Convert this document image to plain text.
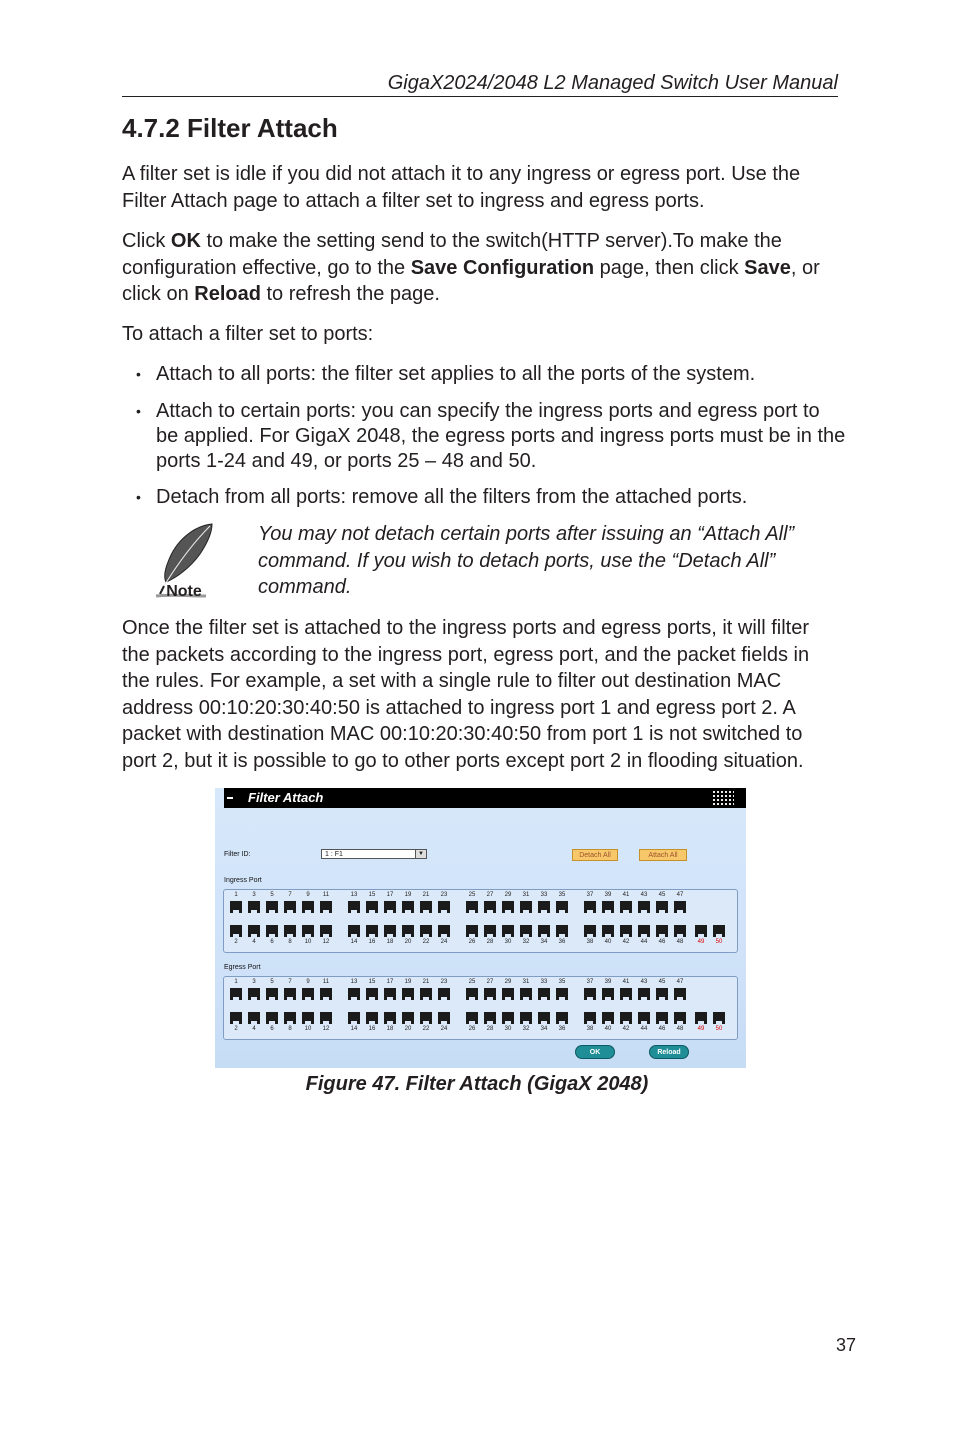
GigaX2024/2048 L2 Managed Switch User Manual
4.7.2 Filter Attach

A filter set is idle if you did not attach it to any ingress or egress port. Use the Filter Attach page to attach a filter set to ingress and egress ports.

Click OK to make the setting send to the switch(HTTP server).To make the configuration effective, go to the Save Configuration page, then click Save, or click on Reload to refresh the page.

To attach a filter set to ports:

• Attach to all ports: the filter set applies to all the ports of the system.

• Attach to certain ports: you can specify the ingress ports and egress port to be applied. For GigaX 2048, the egress ports and ingress ports must be in the ports 1-24 and 49, or ports 25 – 48 and 50.

• Detach from all ports: remove all the filters from the attached ports.

Note

You may not detach certain ports after issuing an “Attach All” command. If you wish to detach ports, use the “Detach All” command.

Once the filter set is attached to the ingress ports and egress ports, it will filter the packets according to the ingress port, egress port, and the packet fields in the rules. For example, a set with a single rule to filter out destination MAC address 00:10:20:30:40:50 is attached to ingress port 1 and egress port 2. A packet with destination MAC 00:10:20:30:40:50 from port 1 is not switched to port 2, but it is possible to go to other ports except port 2 in flooding situation.

Filter Attach
Filter ID:	1 : F1	▼	Detach All	Attach All
Ingress Port
1	3	5	7	9	11	13	15	17	19	21	23	25	27	29	31	33	35	37	39	41	43	45	47
2	4	6	8	10	12	14	16	18	20	22	24	26	28	30	32	34	36	38	40	42	44	46	48	49	50
Egress Port
1	3	5	7	9	11	13	15	17	19	21	23	25	27	29	31	33	35	37	39	41	43	45	47
2	4	6	8	10	12	14	16	18	20	22	24	26	28	30	32	34	36	38	40	42	44	46	48	49	50
OK	Reload
Figure 47. Filter Attach (GigaX 2048)
37
